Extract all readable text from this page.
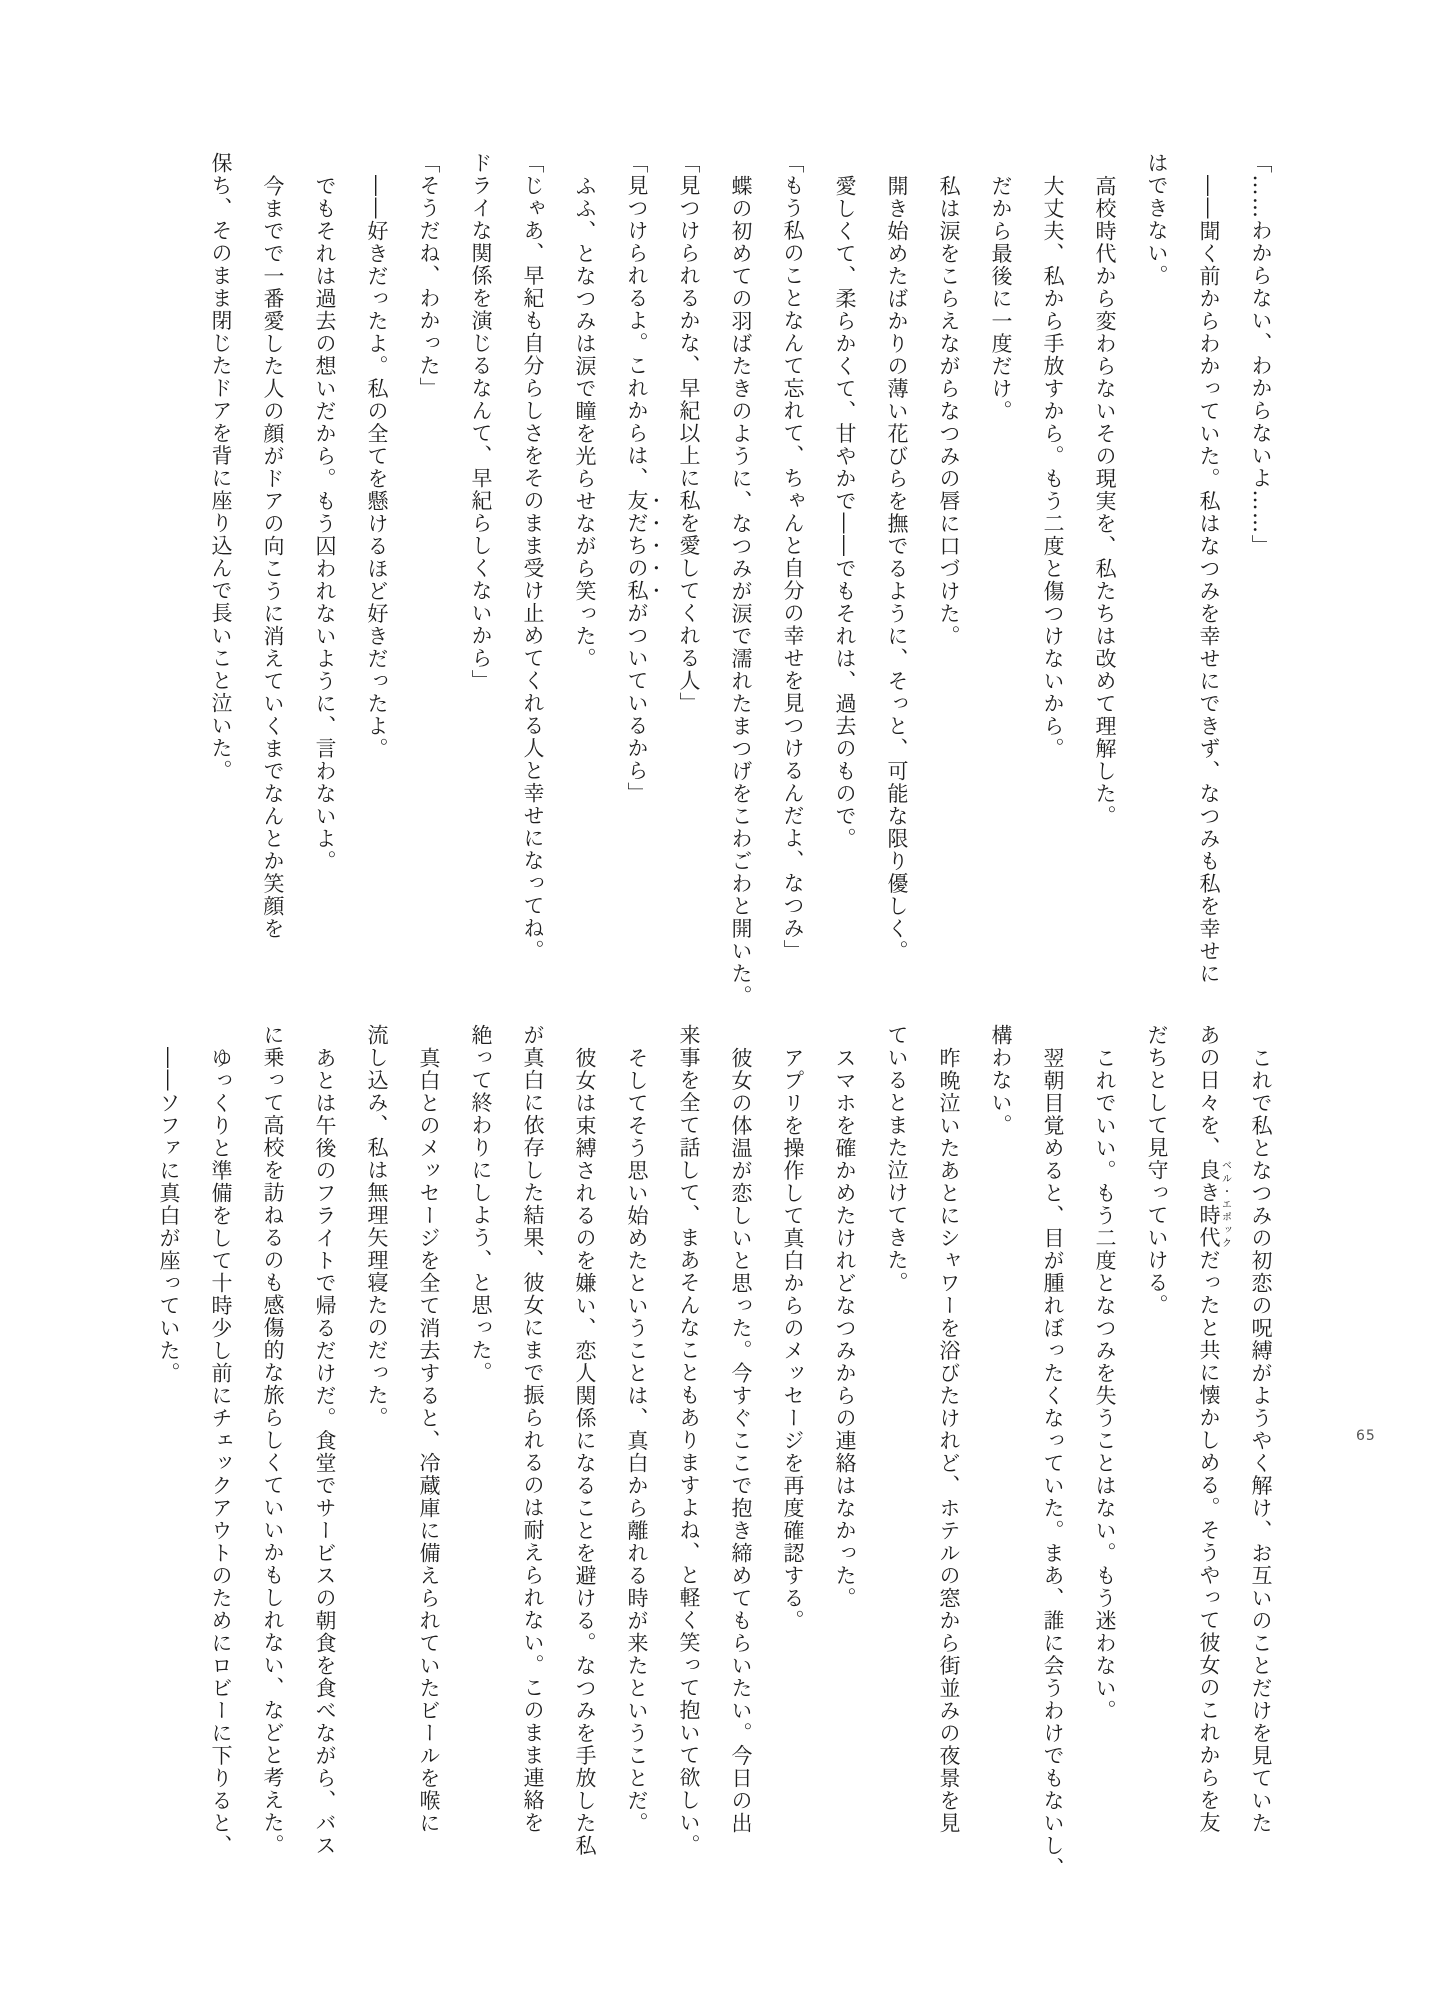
「……わからない、わからないよ……」
――聞く前からわかっていた。私はなつみを幸せにできず、なつみも私を幸せに
はできない。
高校時代から変わらないその現実を、私たちは改めて理解した。
大丈夫、私から手放すから。もう二度と傷つけないから。
だから最後に一度だけ。
私は涙をこらえながらなつみの唇に口づけた。
開き始めたばかりの薄い花びらを撫でるように、そっと、可能な限り優しく。
愛しくて、柔らかくて、甘やかで――でもそれは、過去のもので。
「もう私のことなんて忘れて、ちゃんと自分の幸せを見つけるんだよ、なつみ」
蝶の初めての羽ばたきのように、なつみが涙で濡れたまつげをこわごわと開いた。
「見つけられるかな、早紀以上に私を愛してくれる人」
「見つけられるよ。これからは、友だちの私がついているから」
ふふ、となつみは涙で瞳を光らせながら笑った。
「じゃあ、早紀も自分らしさをそのまま受け止めてくれる人と幸せになってね。
ドライな関係を演じるなんて、早紀らしくないから」
「そうだね、わかった」
――好きだったよ。私の全てを懸けるほど好きだったよ。
でもそれは過去の想いだから。もう囚われないように、言わないよ。
今までで一番愛した人の顔がドアの向こうに消えていくまでなんとか笑顔を
保ち、そのまま閉じたドアを背に座り込んで長いこと泣いた。
これで私となつみの初恋の呪縛がようやく解け、お互いのことだけを見ていた
あの日々を、良き時代ベル・エポックだったと共に懐かしめる。そうやって彼女のこれからを友
だちとして見守っていける。
これでいい。もう二度となつみを失うことはない。もう迷わない。
翌朝目覚めると、目が腫れぼったくなっていた。まあ、誰に会うわけでもないし、
構わない。
昨晩泣いたあとにシャワーを浴びたけれど、ホテルの窓から街並みの夜景を見
ているとまた泣けてきた。
スマホを確かめたけれどなつみからの連絡はなかった。
アプリを操作して真白からのメッセージを再度確認する。
彼女の体温が恋しいと思った。今すぐここで抱き締めてもらいたい。今日の出
来事を全て話して、まあそんなこともありますよね、と軽く笑って抱いて欲しい。
そしてそう思い始めたということは、真白から離れる時が来たということだ。
彼女は束縛されるのを嫌い、恋人関係になることを避ける。なつみを手放した私
が真白に依存した結果、彼女にまで振られるのは耐えられない。このまま連絡を
絶って終わりにしよう、と思った。
真白とのメッセージを全て消去すると、冷蔵庫に備えられていたビールを喉に
流し込み、私は無理矢理寝たのだった。
あとは午後のフライトで帰るだけだ。食堂でサービスの朝食を食べながら、バス
に乗って高校を訪ねるのも感傷的な旅らしくていいかもしれない、などと考えた。
ゆっくりと準備をして十時少し前にチェックアウトのためにロビーに下りると、
――ソファに真白が座っていた。
65
